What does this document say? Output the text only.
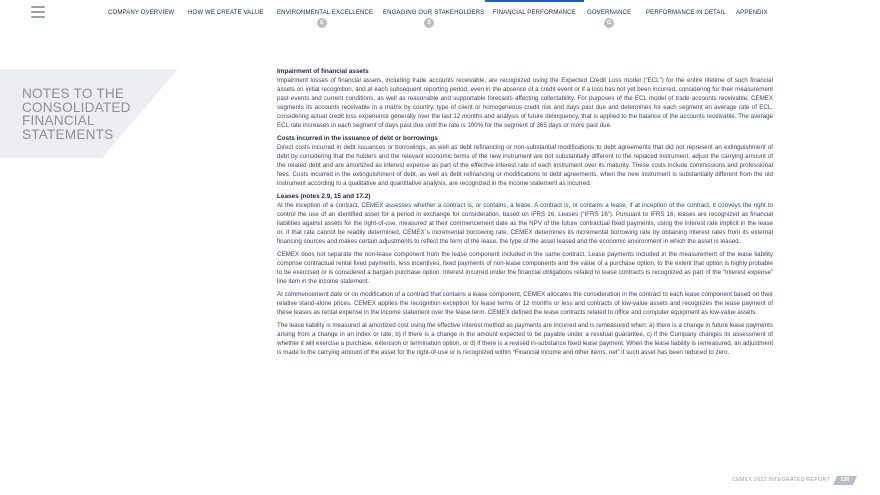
COMPANY OVERVIEW HOW WE CREATE VALUE ENVIRONMENTAL EXCELLENCE
E
ENGAGING OUR STAKEHOLDERS
S
FINANCIAL PERFORMANCE GOVERNANCE
G
PERFORMANCE IN DETAIL APPENDIX
NOTES TO THE
CONSOLIDATED
FINANCIAL
STATEMENTS
Impairment of financial assets

Impairment losses of financial assets, including trade accounts receivable, are recognized using the Expected Credit Loss model (“ECL”) for the entire lifetime of such financial assets on initial recognition, and at each subsequent reporting period, even in the absence of a credit event or if a loss has not yet been incurred, considering for their measurement past events and current conditions, as well as reasonable and supportable forecasts affecting collectability. For purposes of the ECL model of trade accounts receivable, CEMEX segments its accounts receivable in a matrix by country, type of client or homogeneous credit risk and days past due and determines for each segment an average rate of ECL, considering actual credit loss experience generally over the last 12 months and analysis of future delinquency, that is applied to the balance of the accounts receivable. The average ECL rate increases in each segment of days past due until the rate is 100% for the segment of 365 days or more past due.

Costs incurred in the issuance of debt or borrowings

Direct costs incurred in debt issuances or borrowings, as well as debt refinancing or non-substantial modifications to debt agreements that did not represent an extinguishment of debt by considering that the holders and the relevant economic terms of the new instrument are not substantially different to the replaced instrument, adjust the carrying amount of the related debt and are amortized as interest expense as part of the effective interest rate of each instrument over its maturity. These costs include commissions and professional fees. Costs incurred in the extinguishment of debt, as well as debt refinancing or modifications to debt agreements, when the new instrument is substantially different from the old instrument according to a qualitative and quantitative analysis, are recognized in the income statement as incurred.

Leases (notes 2.9, 15 and 17.2)

At the inception of a contract, CEMEX assesses whether a contract is, or contains, a lease. A contract is, or contains a lease, if at inception of the contract, it conveys the right to control the use of an identified asset for a period in exchange for consideration, based on IFRS 16, Leases (“IFRS 16”). Pursuant to IFRS 16, leases are recognized as financial liabilities against assets for the right-of-use, measured at their commencement date as the NPV of the future contractual fixed payments, using the interest rate implicit in the lease or, if that rate cannot be readily determined, CEMEX´s incremental borrowing rate. CEMEX determines its incremental borrowing rate by obtaining interest rates from its external financing sources and makes certain adjustments to reflect the term of the lease, the type of the asset leased and the economic environment in which the asset is leased.

CEMEX does not separate the non-lease component from the lease component included in the same contract. Lease payments included in the measurement of the lease liability comprise contractual rental fixed payments, less incentives, fixed payments of non-lease components and the value of a purchase option, to the extent that option is highly probable to be exercised or is considered a bargain purchase option. Interest incurred under the financial obligations related to lease contracts is recognized as part of the “Interest expense” line item in the income statement.

At commencement date or on modification of a contract that contains a lease component, CEMEX allocates the consideration in the contract to each lease component based on their relative stand-alone prices. CEMEX applies the recognition exception for lease terms of 12 months or less and contracts of low-value assets and recognizes the lease payment of these leases as rental expense in the income statement over the lease term. CEMEX defined the lease contracts related to office and computer equipment as low-value assets.

The lease liability is measured at amortized cost using the effective interest method as payments are incurred and is remeasured when: a) there is a change in future lease payments arising from a change in an index or rate, b) if there is a change in the amount expected to be payable under a residual guarantee, c) if the Company changes its assessment of whether it will exercise a purchase, extension or termination option, or d) if there is a revised in-substance fixed lease payment. When the lease liability is remeasured, an adjustment is made to the carrying amount of the asset for the right-of-use or is recognized within “Financial income and other items, net” if such asset has been reduced to zero.

CEMEX 2022 INTEGRATED REPORT	136
